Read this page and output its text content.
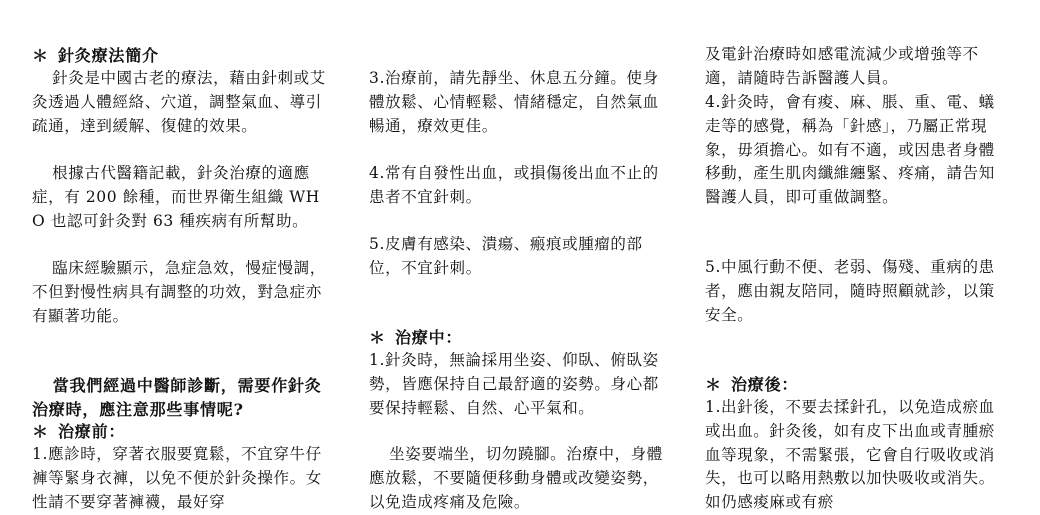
＊ 針灸療法簡介

針灸是中國古老的療法，藉由針刺或艾灸透過人體經絡、穴道，調整氣血、導引疏通，達到緩解、復健的效果。

根據古代醫籍記載，針灸治療的適應症，有 200 餘種，而世界衛生組織 WHO 也認可針灸對 63 種疾病有所幫助。

臨床經驗顯示，急症急效，慢症慢調，不但對慢性病具有調整的功效，對急症亦有顯著功能。

當我們經過中醫師診斷，需要作針灸治療時，應注意那些事情呢?

＊ 治療前：

1.應診時，穿著衣服要寬鬆，不宜穿牛仔褲等緊身衣褲，以免不便於針灸操作。女性請不要穿著褲襪，最好穿

3.治療前，請先靜坐、休息五分鐘。使身體放鬆、心情輕鬆、情緒穩定，自然氣血暢通，療效更佳。

4.常有自發性出血，或損傷後出血不止的患者不宜針刺。

5.皮膚有感染、潰瘍、瘢痕或腫瘤的部位，不宜針刺。

＊ 治療中：

1.針灸時，無論採用坐姿、仰臥、俯臥姿勢，皆應保持自己最舒適的姿勢。身心都要保持輕鬆、自然、心平氣和。

坐姿要端坐，切勿蹺腳。治療中，身體應放鬆，不要隨便移動身體或改變姿勢，以免造成疼痛及危險。

及電針治療時如感電流減少或增強等不適，請隨時告訴醫護人員。

4.針灸時，會有痠、麻、脹、重、電、蟻走等的感覺，稱為「針感」，乃屬正常現象，毋須擔心。如有不適，或因患者身體移動，產生肌肉纖維纏緊、疼痛，請告知醫護人員，即可重做調整。

5.中風行動不便、老弱、傷殘、重病的患者，應由親友陪同，隨時照顧就診，以策安全。

＊ 治療後：

1.出針後，不要去揉針孔，以免造成瘀血或出血。針灸後，如有皮下出血或青腫瘀血等現象，不需緊張，它會自行吸收或消失，也可以略用熱敷以加快吸收或消失。如仍感痠麻或有瘀
